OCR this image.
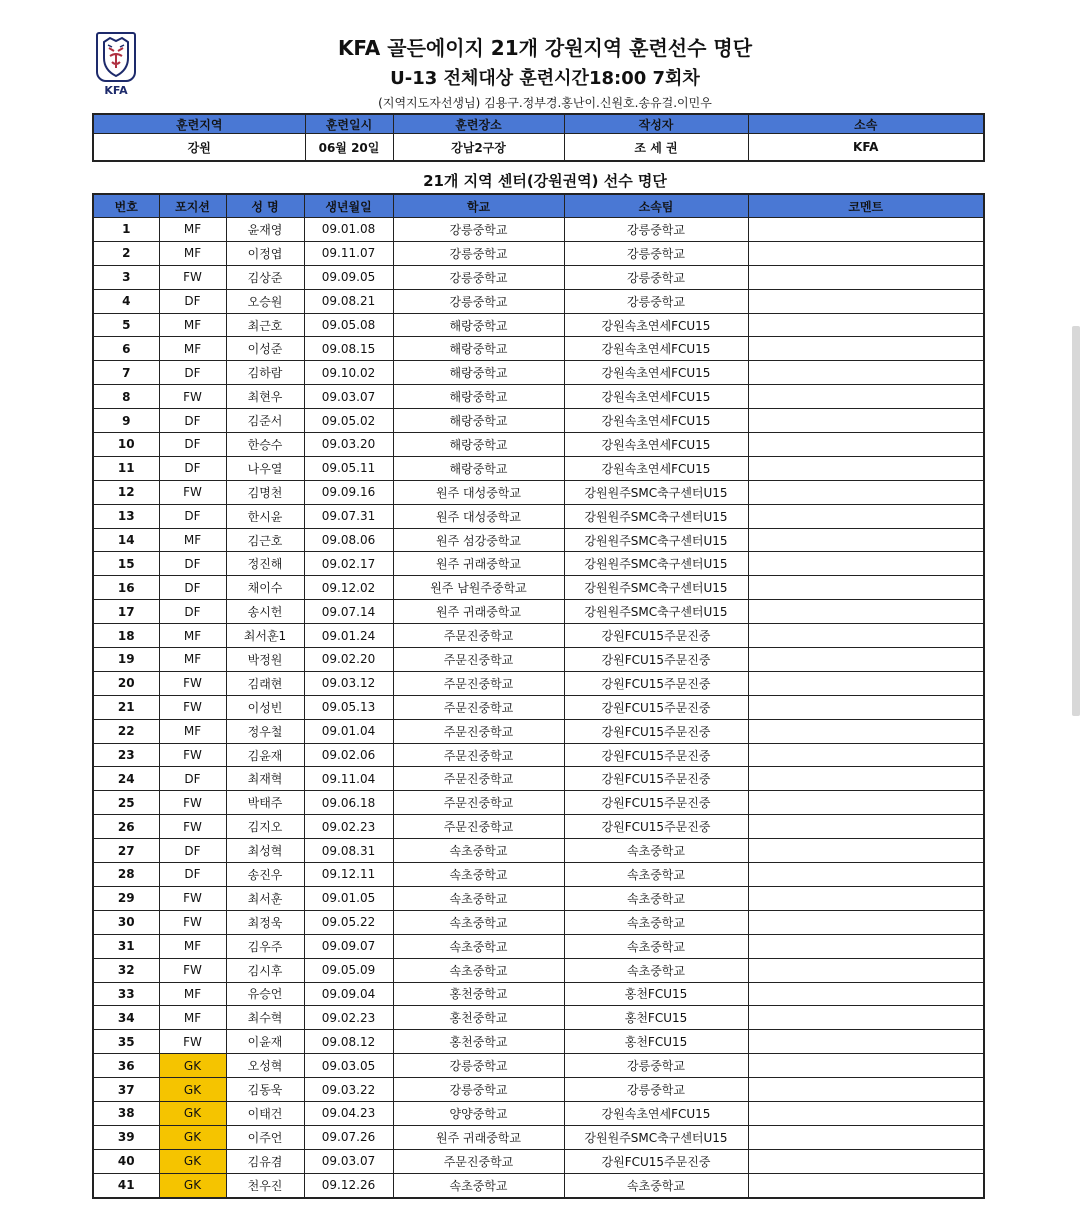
KFA
KFA 골든에이지 21개 강원지역 훈련선수 명단
U-13 전체대상 훈련시간18:00 7회차
(지역지도자선생님) 김용구.정부경.홍난이.신원호.송유걸.이민우
훈련지역	훈련일시	훈련장소	작성자	소속
강원	06월 20일	강남2구장	조 세 권	KFA
21개 지역 센터(강원권역) 선수 명단
번호	포지션	성 명	생년월일	학교	소속팀	코멘트
1	MF	윤재영	09.01.08	강릉중학교	강릉중학교	
2	MF	이정엽	09.11.07	강릉중학교	강릉중학교	
3	FW	김상준	09.09.05	강릉중학교	강릉중학교	
4	DF	오승원	09.08.21	강릉중학교	강릉중학교	
5	MF	최근호	09.05.08	해랑중학교	강원속초연세FCU15	
6	MF	이성준	09.08.15	해랑중학교	강원속초연세FCU15	
7	DF	김하람	09.10.02	해랑중학교	강원속초연세FCU15	
8	FW	최현우	09.03.07	해랑중학교	강원속초연세FCU15	
9	DF	김준서	09.05.02	해랑중학교	강원속초연세FCU15	
10	DF	한승수	09.03.20	해랑중학교	강원속초연세FCU15	
11	DF	나우열	09.05.11	해랑중학교	강원속초연세FCU15	
12	FW	김명천	09.09.16	원주 대성중학교	강원원주SMC축구센터U15	
13	DF	한시윤	09.07.31	원주 대성중학교	강원원주SMC축구센터U15	
14	MF	김근호	09.08.06	원주 섬강중학교	강원원주SMC축구센터U15	
15	DF	정진해	09.02.17	원주 귀래중학교	강원원주SMC축구센터U15	
16	DF	채이수	09.12.02	원주 남원주중학교	강원원주SMC축구센터U15	
17	DF	송시헌	09.07.14	원주 귀래중학교	강원원주SMC축구센터U15	
18	MF	최서훈1	09.01.24	주문진중학교	강원FCU15주문진중	
19	MF	박정원	09.02.20	주문진중학교	강원FCU15주문진중	
20	FW	김래현	09.03.12	주문진중학교	강원FCU15주문진중	
21	FW	이성빈	09.05.13	주문진중학교	강원FCU15주문진중	
22	MF	정우철	09.01.04	주문진중학교	강원FCU15주문진중	
23	FW	김윤재	09.02.06	주문진중학교	강원FCU15주문진중	
24	DF	최재혁	09.11.04	주문진중학교	강원FCU15주문진중	
25	FW	박태주	09.06.18	주문진중학교	강원FCU15주문진중	
26	FW	김지오	09.02.23	주문진중학교	강원FCU15주문진중	
27	DF	최성혁	09.08.31	속초중학교	속초중학교	
28	DF	송진우	09.12.11	속초중학교	속초중학교	
29	FW	최서훈	09.01.05	속초중학교	속초중학교	
30	FW	최정욱	09.05.22	속초중학교	속초중학교	
31	MF	김우주	09.09.07	속초중학교	속초중학교	
32	FW	김시후	09.05.09	속초중학교	속초중학교	
33	MF	유승언	09.09.04	홍천중학교	홍천FCU15	
34	MF	최수혁	09.02.23	홍천중학교	홍천FCU15	
35	FW	이윤재	09.08.12	홍천중학교	홍천FCU15	
36	GK	오성혁	09.03.05	강릉중학교	강릉중학교	
37	GK	김동욱	09.03.22	강릉중학교	강릉중학교	
38	GK	이태건	09.04.23	양양중학교	강원속초연세FCU15	
39	GK	이주언	09.07.26	원주 귀래중학교	강원원주SMC축구센터U15	
40	GK	김유겸	09.03.07	주문진중학교	강원FCU15주문진중	
41	GK	천우진	09.12.26	속초중학교	속초중학교	
